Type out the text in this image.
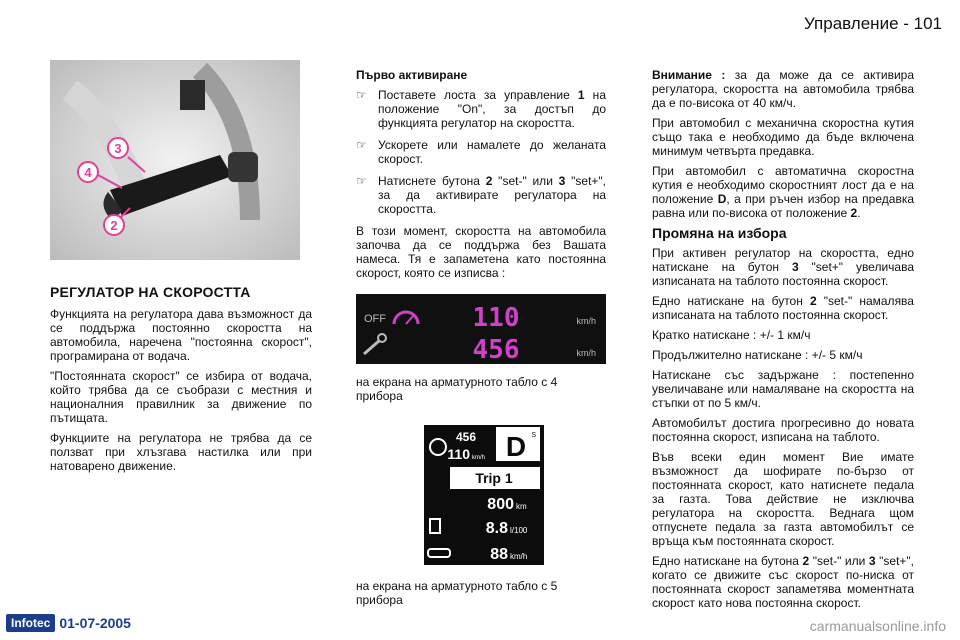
Управление - 101
3
4
2
РЕГУЛАТОР НА СКОРОСТТА

Функцията на регулатора дава възможност да се поддържа постоянно скоростта на автомобила, наречена "постоянна скорост", програмирана от водача.

"Постоянната скорост" се избира от водача, който трябва да се съобрази с местния и националния правилник за движение по пътищата.

Функциите на регулатора не трябва да се ползват при хлъзгава настилка или при натоварено движение.

Първо активиране
☞ Поставете лоста за управление 1 на положение "On", за достъп до функцията регулатор на скоростта.
☞ Ускорете или намалете до желаната скорост.
☞ Натиснете бутона 2 "set-" или 3 "set+", за да активирате регулатора на скоростта.

В този момент, скоростта на автомобила започва да се поддържа без Вашата намеса. Тя е запаметена като постоянна скорост, която се изписва :

OFF	110
456
km/h
km/h
на екрана на арматурното табло с 4 прибора
456
110 km/h D S
Trip 1
800 km
8.8 l/100
88 km/h
на екрана на арматурното табло с 5 прибора

Внимание : за да може да се активира регулатора, скоростта на автомобила трябва да е по-висока от 40 км/ч.

При автомобил с механична скоростна кутия също така е необходимо да бъде включена минимум четвърта предавка.

При автомобил с автоматична скоростна кутия е необходимо скоростният лост да е на положение D, а при ръчен избор на предавка равна или по-висока от положение 2.

Промяна на избора

При активен регулатор на скоростта, едно натискане на бутон 3 "set+" увеличава изписаната на таблото постоянна скорост.

Едно натискане на бутон 2 "set-" намалява изписаната на таблото постоянна скорост.

Кратко натискане : +/- 1 км/ч

Продължително натискане : +/- 5 км/ч

Натискане със задържане : постепенно увеличаване или намаляване на скоростта на стъпки от по 5 км/ч.

Автомобилът достига прогресивно до новата постоянна скорост, изписана на таблото.

Във всеки един момент Вие имате възможност да шофирате по-бързо от постоянната скорост, като натиснете педала за газта. Това действие не изключва регулатора на скоростта. Веднага щом отпуснете педала за газта автомобилът се връща към постоянната скорост.

Едно натискане на бутона 2 "set-" или 3 "set+", когато се движите със скорост по-ниска от постоянната скорост запаметява моментната скорост като нова постоянна скорост.

Infotec 01-07-2005	carmanualsonline.info
